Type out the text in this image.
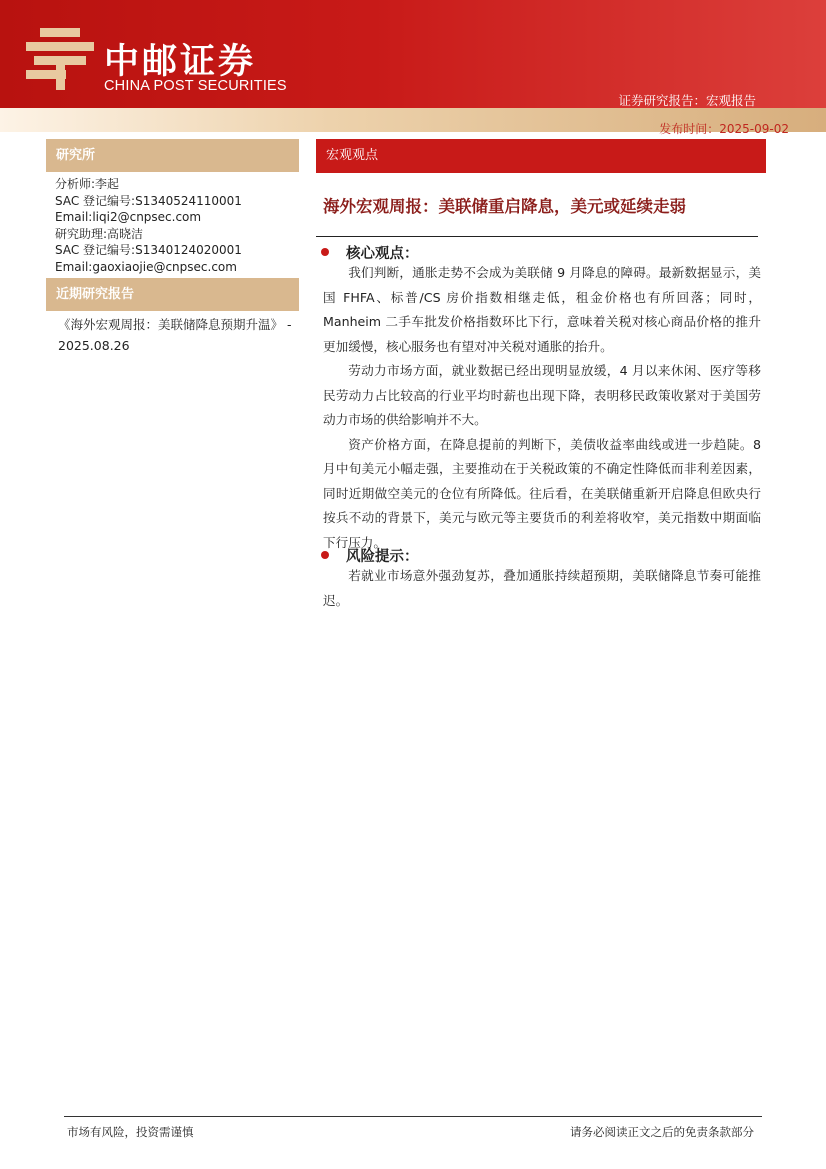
中邮证券
CHINA POST SECURITIES
证券研究报告：宏观报告
发布时间：2025-09-02
研究所
分析师:李起
SAC 登记编号:S1340524110001
Email:liqi2@cnpsec.com
研究助理:高晓洁
SAC 登记编号:S1340124020001
Email:gaoxiaojie@cnpsec.com
近期研究报告
《海外宏观周报：美联储降息预期升温》 - 2025.08.26
宏观观点
海外宏观周报：美联储重启降息，美元或延续走弱
核心观点：

我们判断，通胀走势不会成为美联储 9 月降息的障碍。最新数据显示，美国 FHFA、标普/CS 房价指数相继走低，租金价格也有所回落；同时，Manheim 二手车批发价格指数环比下行，意味着关税对核心商品价格的推升更加缓慢，核心服务也有望对冲关税对通胀的抬升。

劳动力市场方面，就业数据已经出现明显放缓，4 月以来休闲、医疗等移民劳动力占比较高的行业平均时薪也出现下降，表明移民政策收紧对于美国劳动力市场的供给影响并不大。

资产价格方面，在降息提前的判断下，美债收益率曲线或进一步趋陡。8 月中旬美元小幅走强，主要推动在于关税政策的不确定性降低而非利差因素，同时近期做空美元的仓位有所降低。往后看，在美联储重新开启降息但欧央行按兵不动的背景下，美元与欧元等主要货币的利差将收窄，美元指数中期面临下行压力。

风险提示：

若就业市场意外强劲复苏，叠加通胀持续超预期，美联储降息节奏可能推迟。

市场有风险，投资需谨慎	请务必阅读正文之后的免责条款部分
